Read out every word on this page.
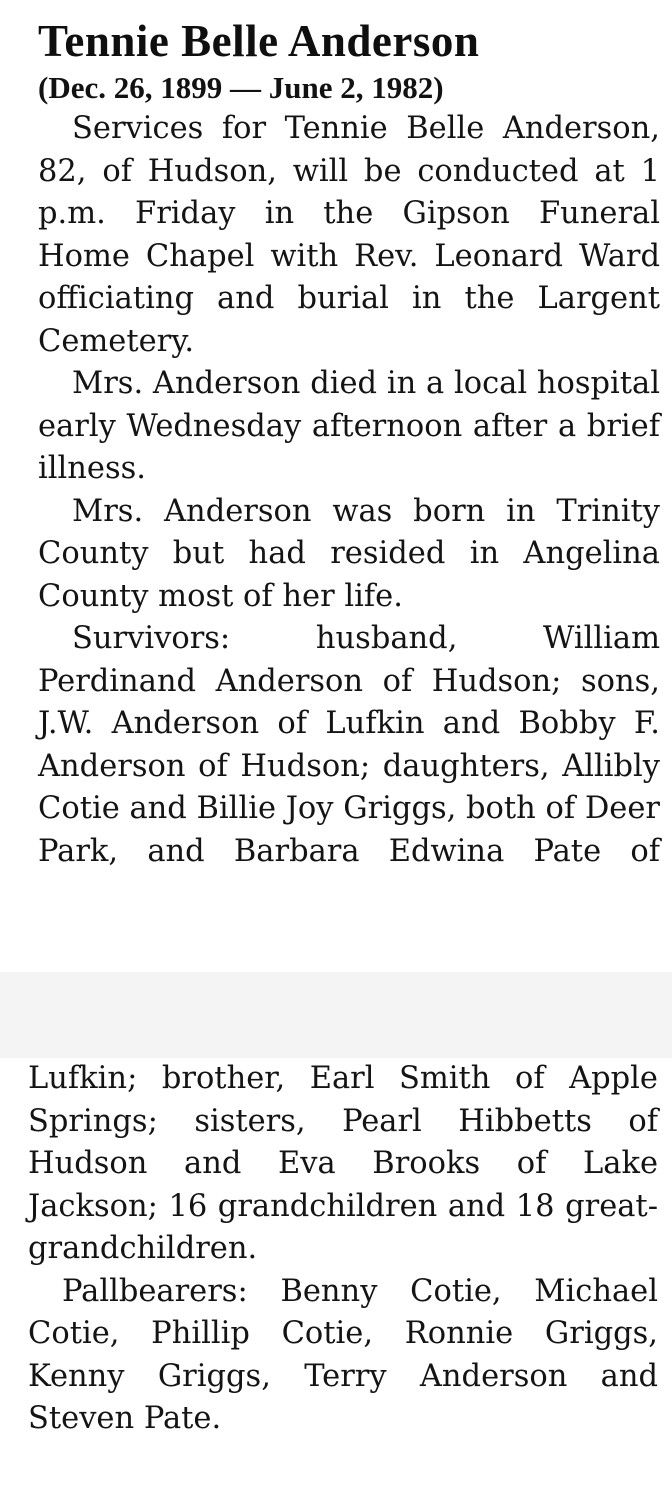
Tennie Belle Anderson
(Dec. 26, 1899 — June 2, 1982)

Services for Tennie Belle Anderson, 82, of Hudson, will be conducted at 1 p.m. Friday in the Gipson Funeral Home Chapel with Rev. Leonard Ward officiating and burial in the Largent Cemetery.

Mrs. Anderson died in a local hospital early Wednesday afternoon after a brief illness.

Mrs. Anderson was born in Trinity County but had resided in Angelina County most of her life.

Survivors: husband, William Perdinand Anderson of Hudson; sons, J.W. Anderson of Lufkin and Bobby F. Anderson of Hudson; daughters, Allibly Cotie and Billie Joy Griggs, both of Deer Park, and Barbara Edwina Pate of

Lufkin; brother, Earl Smith of Apple Springs; sisters, Pearl Hibbetts of Hudson and Eva Brooks of Lake Jackson; 16 grandchildren and 18 greatgrandchildren.

Pallbearers: Benny Cotie, Michael Cotie, Phillip Cotie, Ronnie Griggs, Kenny Griggs, Terry Anderson and Steven Pate.
